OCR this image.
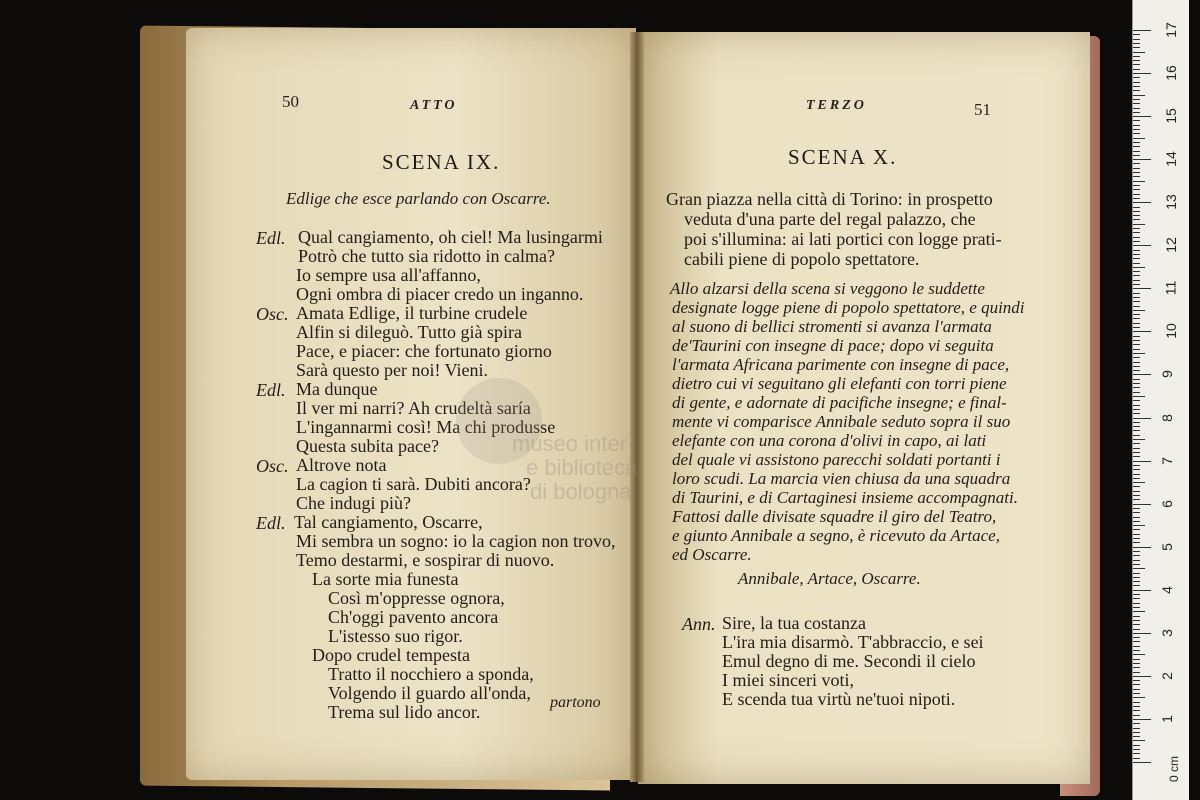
50	ATTO
SCENA IX.
Edlige che esce parlando con Oscarre.
Edl. Qual cangiamento, oh ciel! Ma lusingarmi
Potrò che tutto sia ridotto in calma?
Io sempre usa all'affanno,
Ogni ombra di piacer credo un inganno.
Osc. Amata Edlige, il turbine crudele
Alfin si dileguò. Tutto già spira
Pace, e piacer: che fortunato giorno
Sarà questo per noi! Vieni.
Edl. Ma dunque
Il ver mi narri? Ah crudeltà saría
L'ingannarmi così! Ma chi produsse
Questa subita pace?
Osc. Altrove nota
La cagion ti sarà. Dubiti ancora?
Che indugi più?
Edl. Tal cangiamento, Oscarre,
Mi sembra un sogno: io la cagion non trovo,
Temo destarmi, e sospirar di nuovo.
La sorte mia funesta
Così m'oppresse ognora,
Ch'oggi pavento ancora
L'istesso suo rigor.
Dopo crudel tempesta
Tratto il nocchiero a sponda,
Volgendo il guardo all'onda,
Trema sul lido ancor.	partono
TERZO	51
SCENA X.
Gran piazza nella città di Torino: in prospetto
veduta d'una parte del regal palazzo, che
poi s'illumina: ai lati portici con logge prati-
cabili piene di popolo spettatore.
Allo alzarsi della scena si veggono le suddette
designate logge piene di popolo spettatore, e quindi
al suono di bellici stromenti si avanza l'armata
de'Taurini con insegne di pace; dopo vi seguita
l'armata Africana parimente con insegne di pace,
dietro cui vi seguitano gli elefanti con torri piene
di gente, e adornate di pacifiche insegne; e final-
mente vi comparisce Annibale seduto sopra il suo
elefante con una corona d'olivi in capo, ai lati
del quale vi assistono parecchi soldati portanti i
loro scudi. La marcia vien chiusa da una squadra
di Taurini, e di Cartaginesi insieme accompagnati.
Fattosi dalle divisate squadre il giro del Teatro,
e giunto Annibale a segno, è ricevuto da Artace,
ed Oscarre.
Annibale, Artace, Oscarre.
Ann. Sire, la tua costanza
L'ira mia disarmò. T'abbraccio, e sei
Emul degno di me. Secondi il cielo
I miei sinceri voti,
E scenda tua virtù ne'tuoi nipoti.
museo inter
e biblioteca
di bologna
0 cm
1
2
3
4
5
6
7
8
9
10
11
12
13
14
15
16
17
